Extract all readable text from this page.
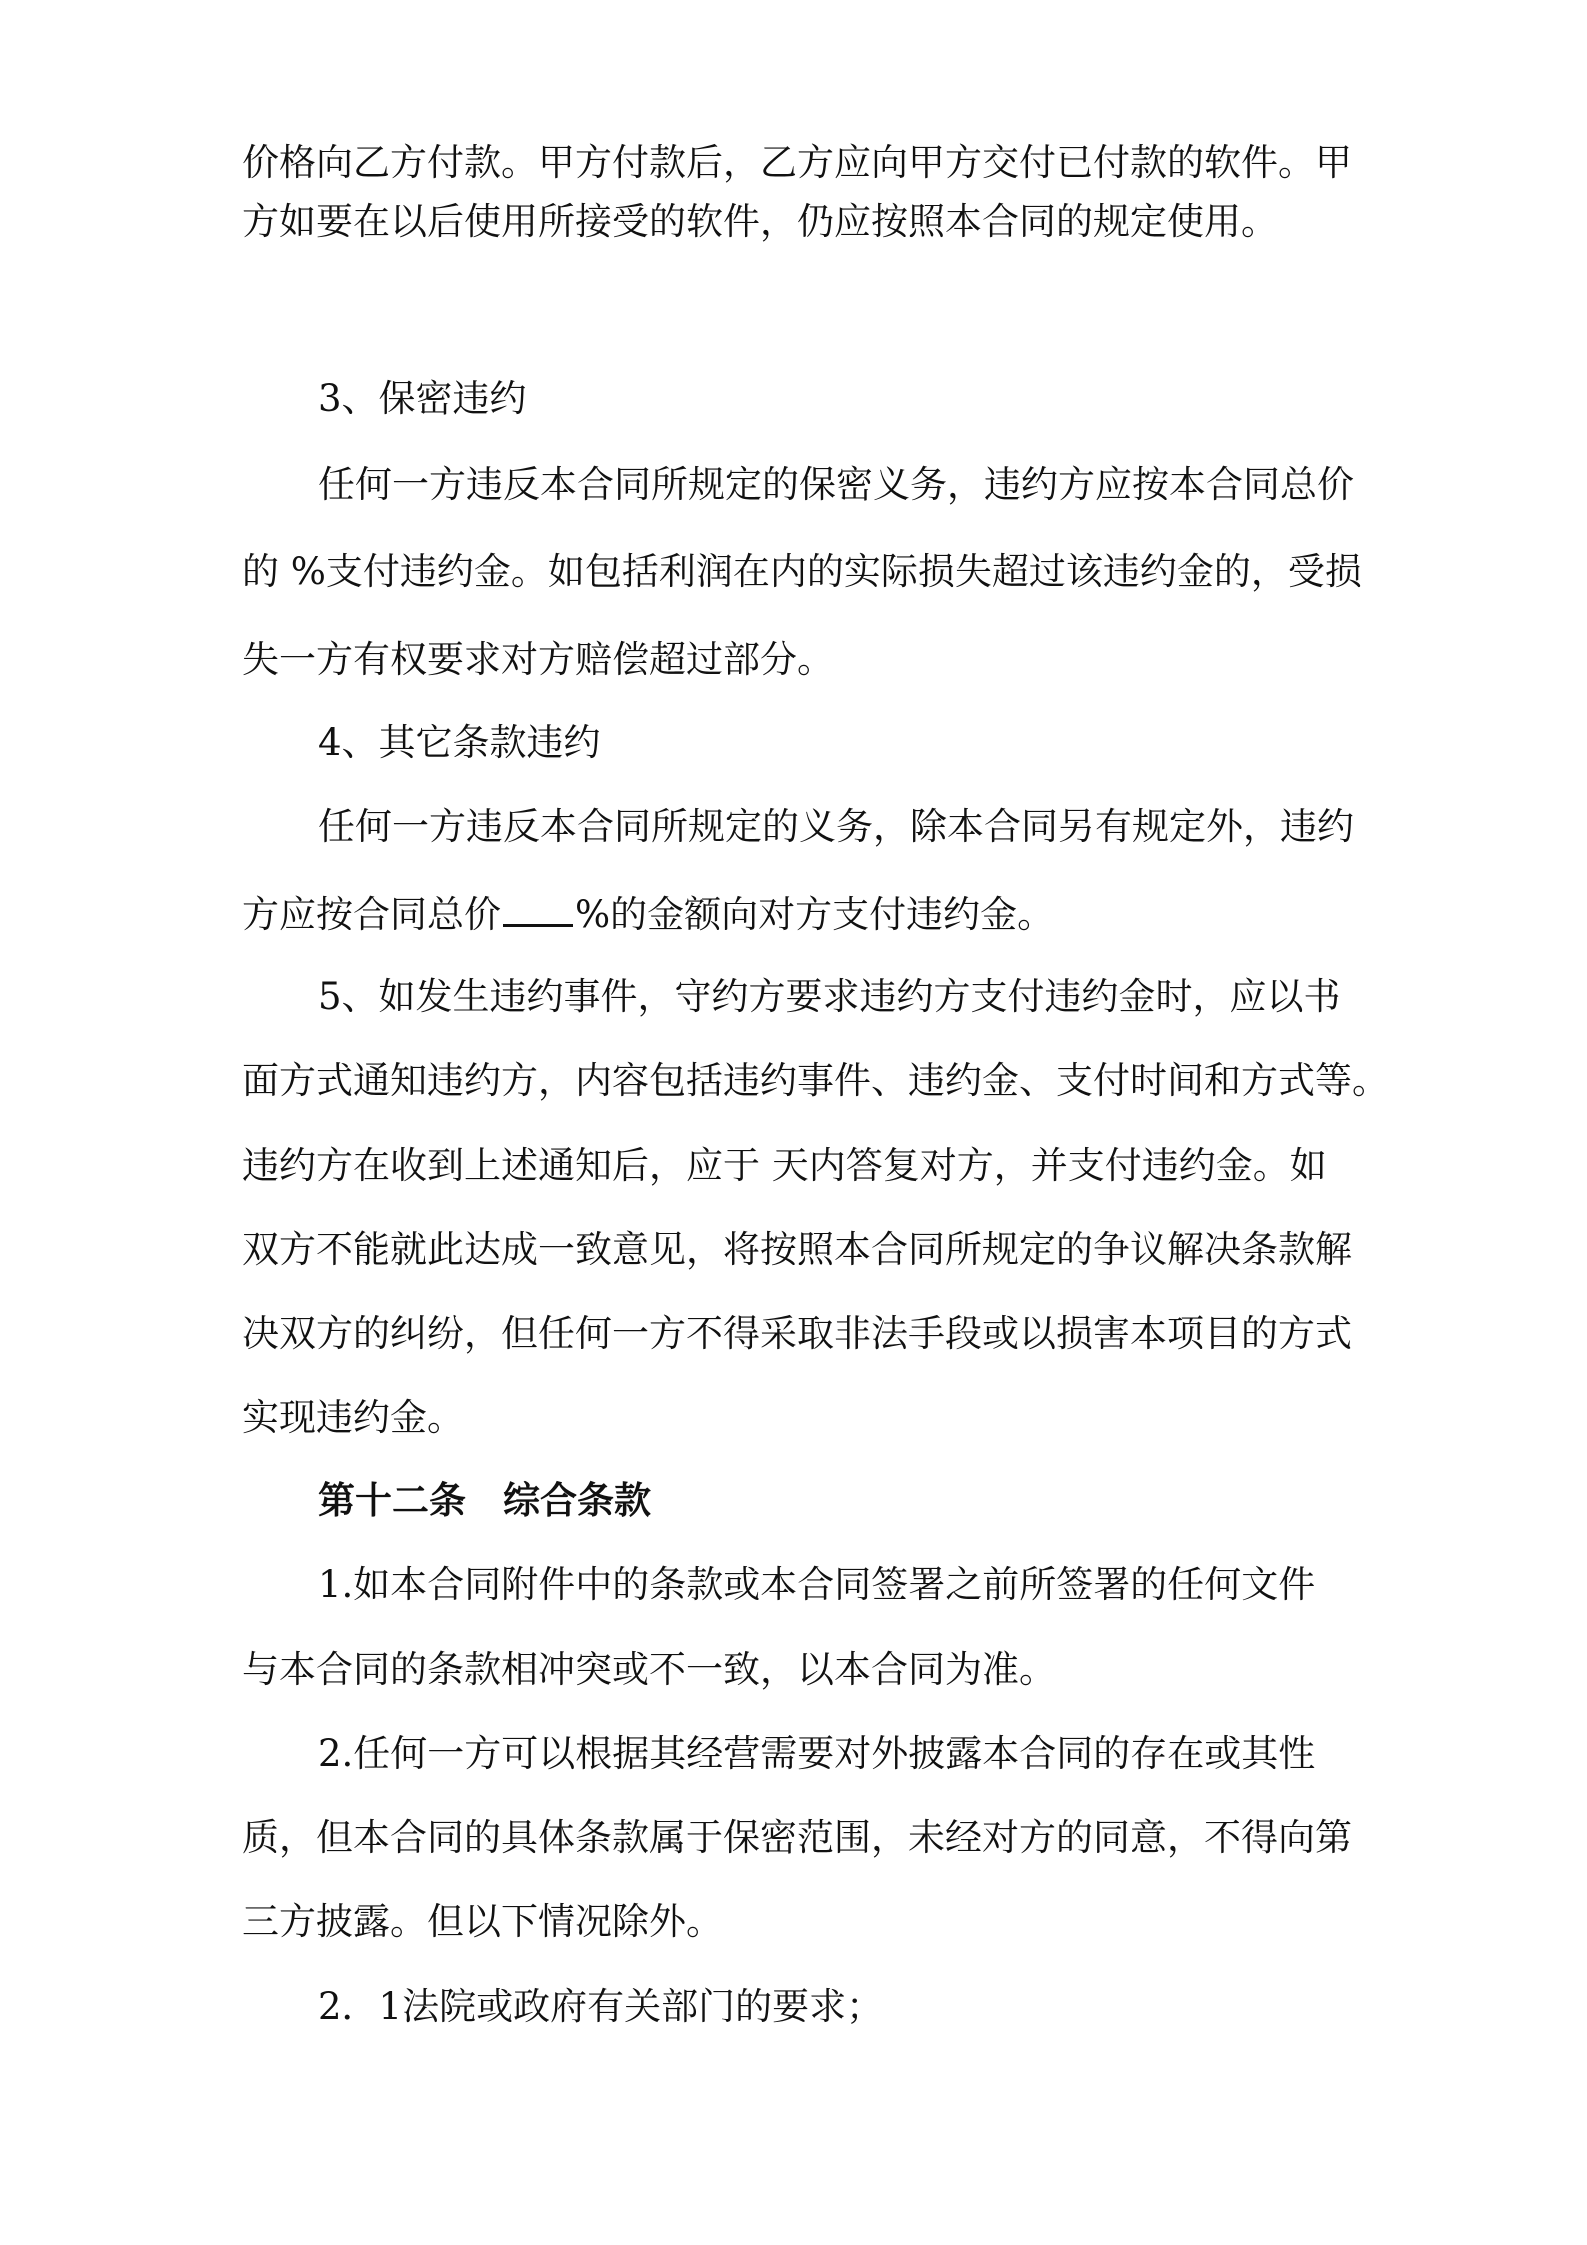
价格向乙方付款。甲方付款后，乙方应向甲方交付已付款的软件。甲
方如要在以后使用所接受的软件，仍应按照本合同的规定使用。
3、保密违约
任何一方违反本合同所规定的保密义务，违约方应按本合同总价
的 %支付违约金。如包括利润在内的实际损失超过该违约金的，受损
失一方有权要求对方赔偿超过部分。
4、其它条款违约
任何一方违反本合同所规定的义务，除本合同另有规定外，违约
方应按合同总价 %的金额向对方支付违约金。
5、如发生违约事件，守约方要求违约方支付违约金时，应以书
面方式通知违约方，内容包括违约事件、违约金、支付时间和方式等。
违约方在收到上述通知后，应于 天内答复对方，并支付违约金。如
双方不能就此达成一致意见，将按照本合同所规定的争议解决条款解
决双方的纠纷，但任何一方不得采取非法手段或以损害本项目的方式
实现违约金。
第十二条　综合条款
1.如本合同附件中的条款或本合同签署之前所签署的任何文件
与本合同的条款相冲突或不一致，以本合同为准。
2.任何一方可以根据其经营需要对外披露本合同的存在或其性
质，但本合同的具体条款属于保密范围，未经对方的同意，不得向第
三方披露。但以下情况除外。
2．1法院或政府有关部门的要求；
